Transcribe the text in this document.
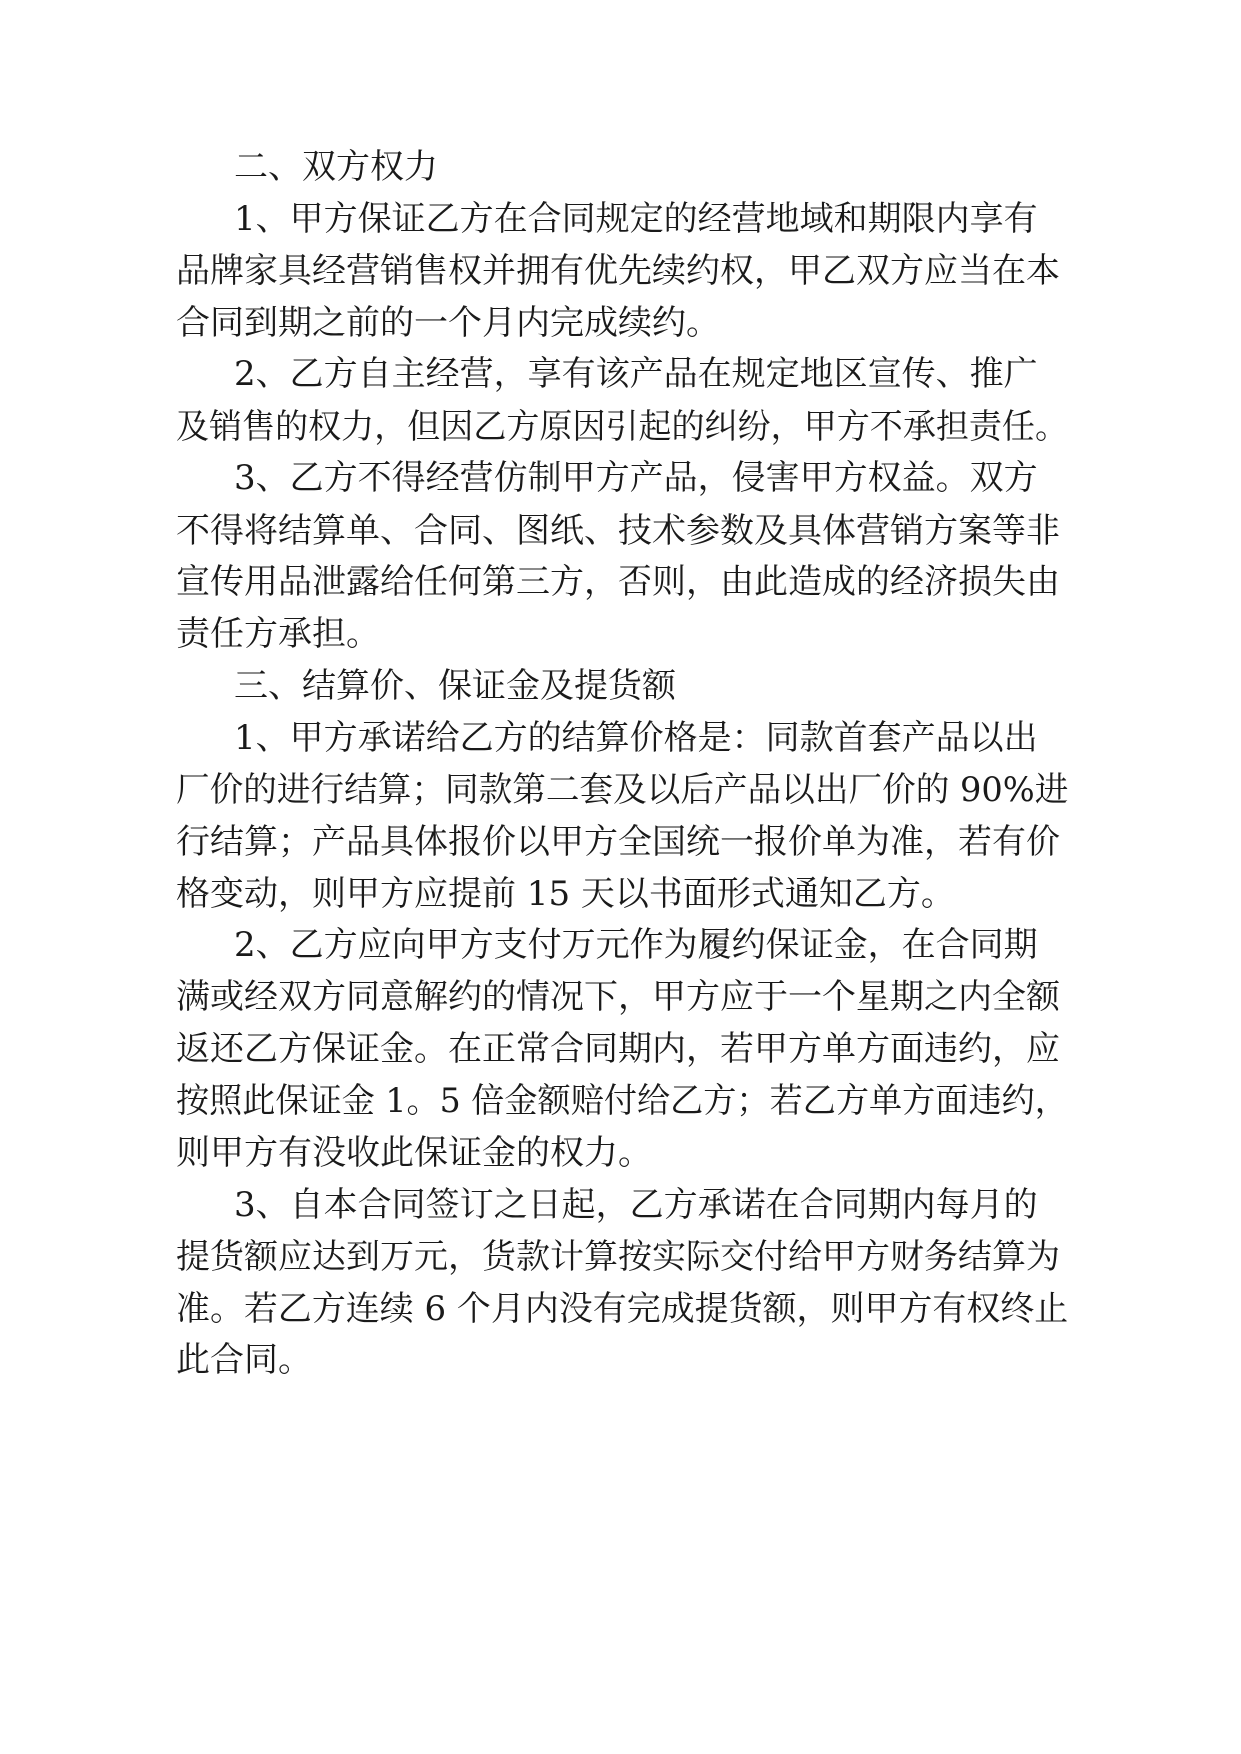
二、双方权力
1、甲方保证乙方在合同规定的经营地域和期限内享有
品牌家具经营销售权并拥有优先续约权，甲乙双方应当在本
合同到期之前的一个月内完成续约。
2、乙方自主经营，享有该产品在规定地区宣传、推广
及销售的权力，但因乙方原因引起的纠纷，甲方不承担责任。
3、乙方不得经营仿制甲方产品，侵害甲方权益。双方
不得将结算单、合同、图纸、技术参数及具体营销方案等非
宣传用品泄露给任何第三方，否则，由此造成的经济损失由
责任方承担。
三、结算价、保证金及提货额
1、甲方承诺给乙方的结算价格是：同款首套产品以出
厂价的进行结算；同款第二套及以后产品以出厂价的 90%进
行结算；产品具体报价以甲方全国统一报价单为准，若有价
格变动，则甲方应提前 15 天以书面形式通知乙方。
2、乙方应向甲方支付万元作为履约保证金，在合同期
满或经双方同意解约的情况下，甲方应于一个星期之内全额
返还乙方保证金。在正常合同期内，若甲方单方面违约，应
按照此保证金 1。5 倍金额赔付给乙方；若乙方单方面违约，
则甲方有没收此保证金的权力。
3、自本合同签订之日起，乙方承诺在合同期内每月的
提货额应达到万元，货款计算按实际交付给甲方财务结算为
准。若乙方连续 6 个月内没有完成提货额，则甲方有权终止
此合同。
